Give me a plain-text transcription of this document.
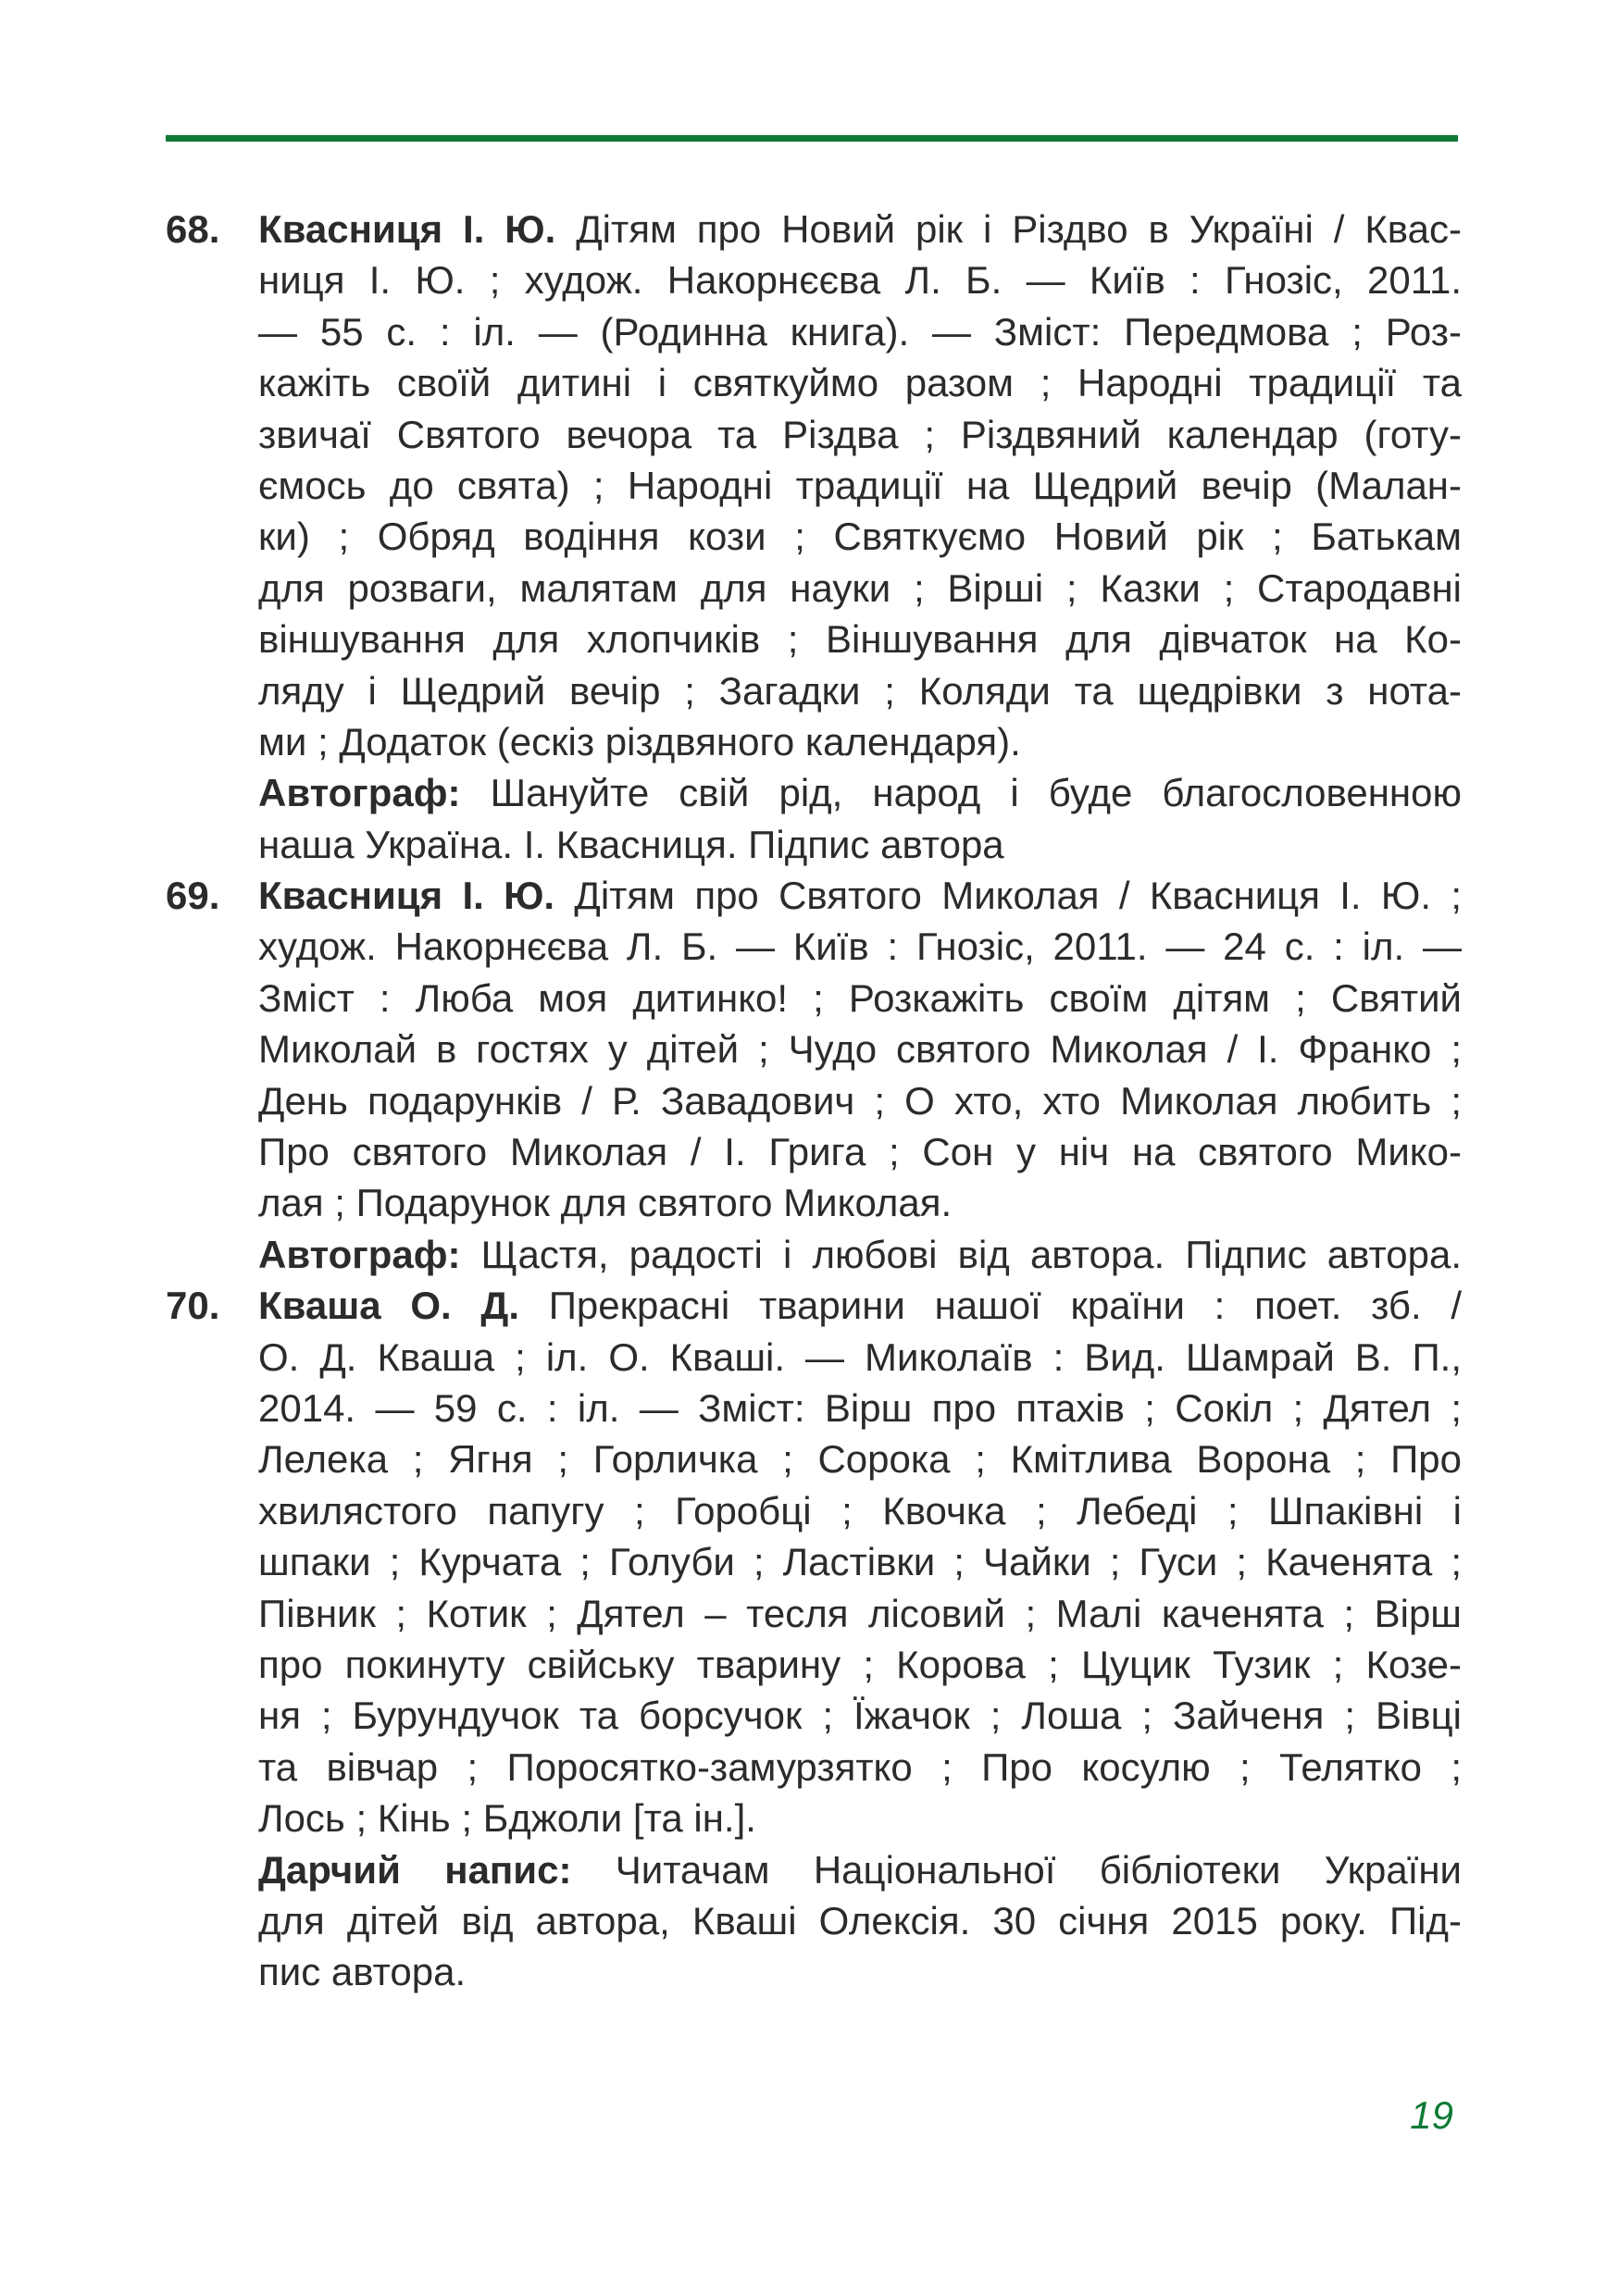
68. Квасниця І. Ю. Дітям про Новий рік і Різдво в Україні / Квас-
ниця І. Ю. ; худож. Накорнєєва Л. Б. — Київ : Гнозіс, 2011.
— 55 с. : іл. — (Родинна книга). — Зміст: Передмова ; Роз-
кажіть своїй дитині і святкуймо разом ; Народні традиції та
звичаї Святого вечора та Різдва ; Різдвяний календар (готу-
ємось до свята) ; Народні традиції на Щедрий вечір (Малан-
ки) ; Обряд водіння кози ; Святкуємо Новий рік ; Батькам
для розваги, малятам для науки ; Вірші ; Казки ; Стародавні
віншування для хлопчиків ; Віншування для дівчаток на Ко-
ляду і Щедрий вечір ; Загадки ; Коляди та щедрівки з нота-
ми ; Додаток (ескіз різдвяного календаря).
Автограф: Шануйте свій рід, народ і буде благословенною
наша Україна. І. Квасниця. Підпис автора
69. Квасниця І. Ю. Дітям про Святого Миколая / Квасниця І. Ю. ;
худож. Накорнєєва Л. Б. — Київ : Гнозіс, 2011. — 24 с. : іл. —
Зміст : Люба моя дитинко! ; Розкажіть своїм дітям ; Святий
Миколай в гостях у дітей ; Чудо святого Миколая / І. Франко ;
День подарунків / Р. Завадович ; О хто, хто Миколая любить ;
Про святого Миколая / І. Грига ; Сон у ніч на святого Мико-
лая ; Подарунок для святого Миколая.
Автограф: Щастя, радості і любові від автора. Підпис автора.
70. Кваша О. Д. Прекрасні тварини нашої країни : поет. зб. /
О. Д. Кваша ; іл. О. Кваші. — Миколаїв : Вид. Шамрай В. П.,
2014. — 59 с. : іл. — Зміст: Вірш про птахів ; Сокіл ; Дятел ;
Лелека ; Ягня ; Горличка ; Сорока ; Кмітлива Ворона ; Про
хвилястого папугу ; Горобці ; Квочка ; Лебеді ; Шпаківні і
шпаки ; Курчата ; Голуби ; Ластівки ; Чайки ; Гуси ; Каченята ;
Півник ; Котик ; Дятел – тесля лісовий ; Малі каченята ; Вірш
про покинуту свійську тварину ; Корова ; Цуцик Тузик ; Козе-
ня ; Бурундучок та борсучок ; Їжачок ; Лоша ; Зайченя ; Вівці
та вівчар ; Поросятко-замурзятко ; Про косулю ; Телятко ;
Лось ; Кінь ; Бджоли [та ін.].
Дарчий напис: Читачам Національної бібліотеки України
для дітей від автора, Кваші Олексія. 30 січня 2015 року. Під-
пис автора.
19
